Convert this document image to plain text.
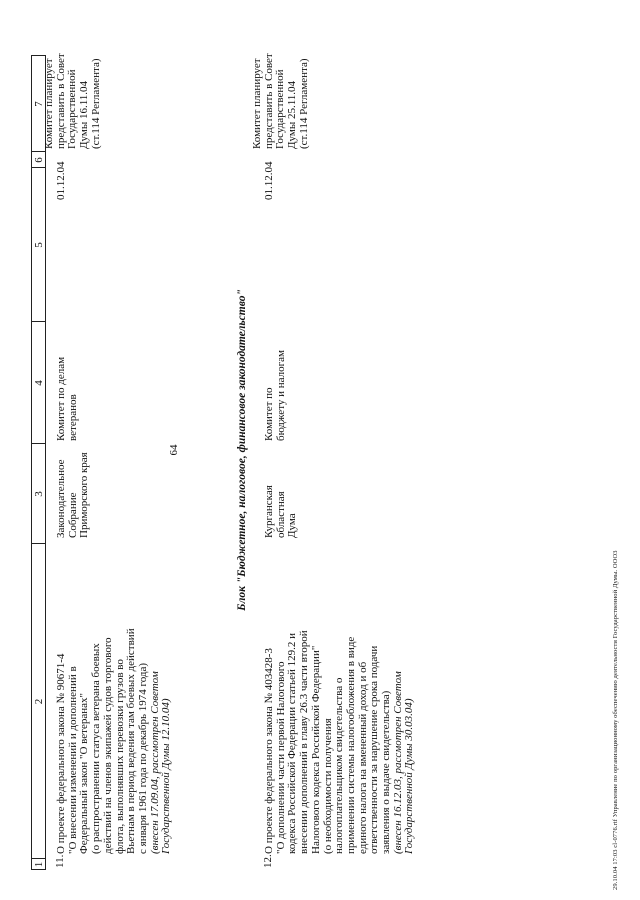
64
1
2
3
4
5
6
7
11.
О проекте федерального закона № 90671-4 "О внесении изменений и дополнений в Федеральный закон "О ветеранах" (о распространении статуса ветерана боевых действий на членов экипажей судов торгового флота, выполнявших перевозки грузов во Вьетнам в период ведения там боевых действий с января 1961 года по декабрь 1974 года) (внесен 17.09.04, рассмотрен Советом Государственной Думы 12.10.04)
Законодательное Собрание Приморского края
Комитет по делам ветеранов
01.12.04
Комитет планирует представить в Совет Государственной Думы 16.11.04 (ст.114 Регламента)
Блок "Бюджетное, налоговое, финансовое законодательство"
12.
О проекте федерального закона № 403428-3 "О дополнении части первой Налогового кодекса Российской Федерации статьей 129.2 и внесении дополнений в главу 26.3 части второй Налогового кодекса Российской Федерации" (о необходимости получения налогоплательщиком свидетельства о применении системы налогообложения в виде единого налога на вмененный доход и об ответственности за нарушение срока подачи заявления о выдаче свидетельства) (внесен 16.12.03, рассмотрен Советом Государственной Думы 30.03.04)
Курганская областная Дума
Комитет по бюджету и налогам
01.12.04
Комитет планирует представить в Совет Государственной Думы 25.11.04 (ст.114 Регламента)
29.10.04 17:03 cl-0776.rtf Управление по организационному обеспечению деятельности Государственной Думы. ООО3
